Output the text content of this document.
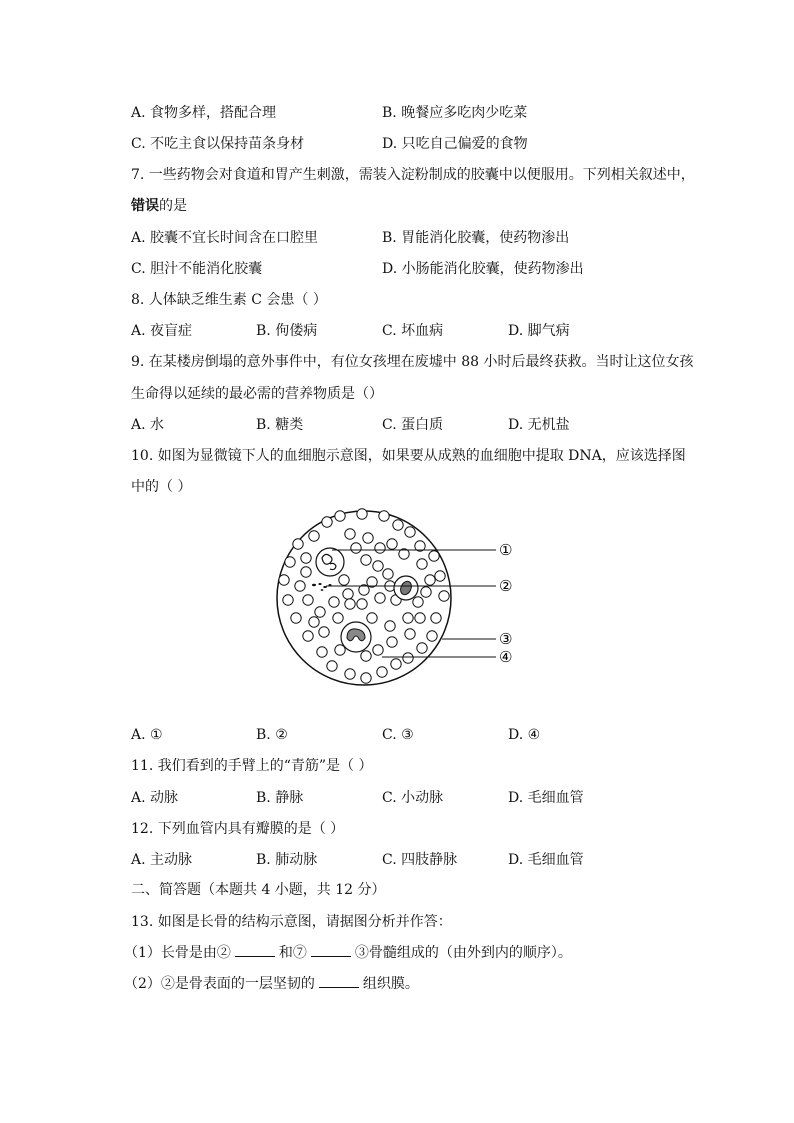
A. 食物多样，搭配合理	B. 晚餐应多吃肉少吃菜
C. 不吃主食以保持苗条身材	D. 只吃自己偏爱的食物
7. 一些药物会对食道和胃产生刺激，需装入淀粉制成的胶囊中以便服用。下列相关叙述中，
错误的是
A. 胶囊不宜长时间含在口腔里	B. 胃能消化胶囊，使药物渗出
C. 胆汁不能消化胶囊	D. 小肠能消化胶囊，使药物渗出
8. 人体缺乏维生素 C 会患（ ）
A. 夜盲症	B. 佝偻病	C. 坏血病	D. 脚气病
9. 在某楼房倒塌的意外事件中，有位女孩埋在废墟中 88 小时后最终获救。当时让这位女孩
生命得以延续的最必需的营养物质是（）
A. 水	B. 糖类	C. 蛋白质	D. 无机盐
10. 如图为显微镜下人的血细胞示意图，如果要从成熟的血细胞中提取 DNA，应该选择图
中的（ ）
①
②
③
④
A. ①	B. ②	C. ③	D. ④
11. 我们看到的手臂上的“青筋”是（ ）
A. 动脉	B. 静脉	C. 小动脉	D. 毛细血管
12. 下列血管内具有瓣膜的是（ ）
A. 主动脉	B. 肺动脉	C. 四肢静脉	D. 毛细血管
二、简答题（本题共 4 小题，共 12 分）
13. 如图是长骨的结构示意图，请据图分析并作答：
（1）长骨是由②	和⑦	③骨髓组成的（由外到内的顺序）。
（2）②是骨表面的一层坚韧的	组织膜。
